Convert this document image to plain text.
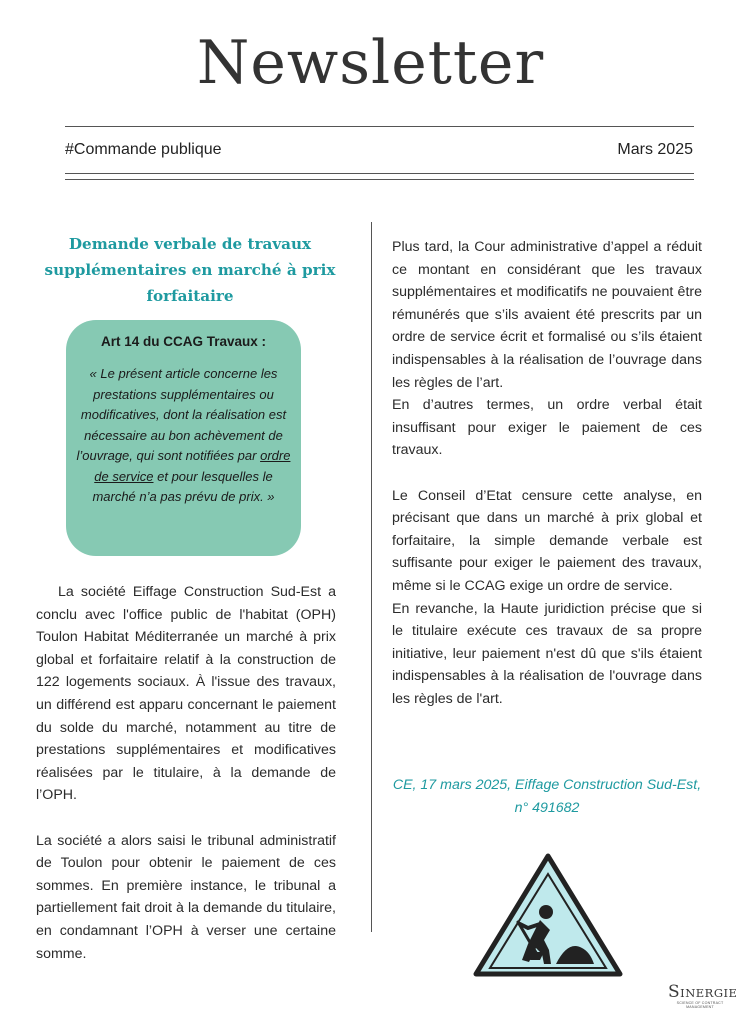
Newsletter
#Commande publique	Mars 2025
Demande verbale de travaux supplémentaires en marché à prix forfaitaire
Art 14 du CCAG Travaux :
« Le présent article concerne les prestations supplémentaires ou modificatives, dont la réalisation est nécessaire au bon achèvement de l’ouvrage, qui sont notifiées par ordre de service et pour lesquelles le marché n’a pas prévu de prix. »

La société Eiffage Construction Sud-Est a conclu avec l'office public de l'habitat (OPH) Toulon Habitat Méditerranée un marché à prix global et forfaitaire relatif à la construction de 122 logements sociaux. À l'issue des travaux, un différend est apparu concernant le paiement du solde du marché, notamment au titre de prestations supplémentaires et modificatives réalisées par le titulaire, à la demande de l’OPH.

La société a alors saisi le tribunal administratif de Toulon pour obtenir le paiement de ces sommes. En première instance, le tribunal a partiellement fait droit à la demande du titulaire, en condamnant l’OPH à verser une certaine somme.

Plus tard, la Cour administrative d’appel a réduit ce montant en considérant que les travaux supplémentaires et modificatifs ne pouvaient être rémunérés que s’ils avaient été prescrits par un ordre de service écrit et formalisé ou s’ils étaient indispensables à la réalisation de l’ouvrage dans les règles de l’art.

En d’autres termes, un ordre verbal était insuffisant pour exiger le paiement de ces travaux.

Le Conseil d’Etat censure cette analyse, en précisant que dans un marché à prix global et forfaitaire, la simple demande verbale est suffisante pour exiger le paiement des travaux, même si le CCAG exige un ordre de service.

En revanche, la Haute juridiction précise que si le titulaire exécute ces travaux de sa propre initiative, leur paiement n'est dû que s'ils étaient indispensables à la réalisation de l'ouvrage dans les règles de l'art.

CE, 17 mars 2025, Eiffage Construction Sud-Est, n° 491682
SINERGIE
SCIENCE OF CONTRACT MANAGEMENT
